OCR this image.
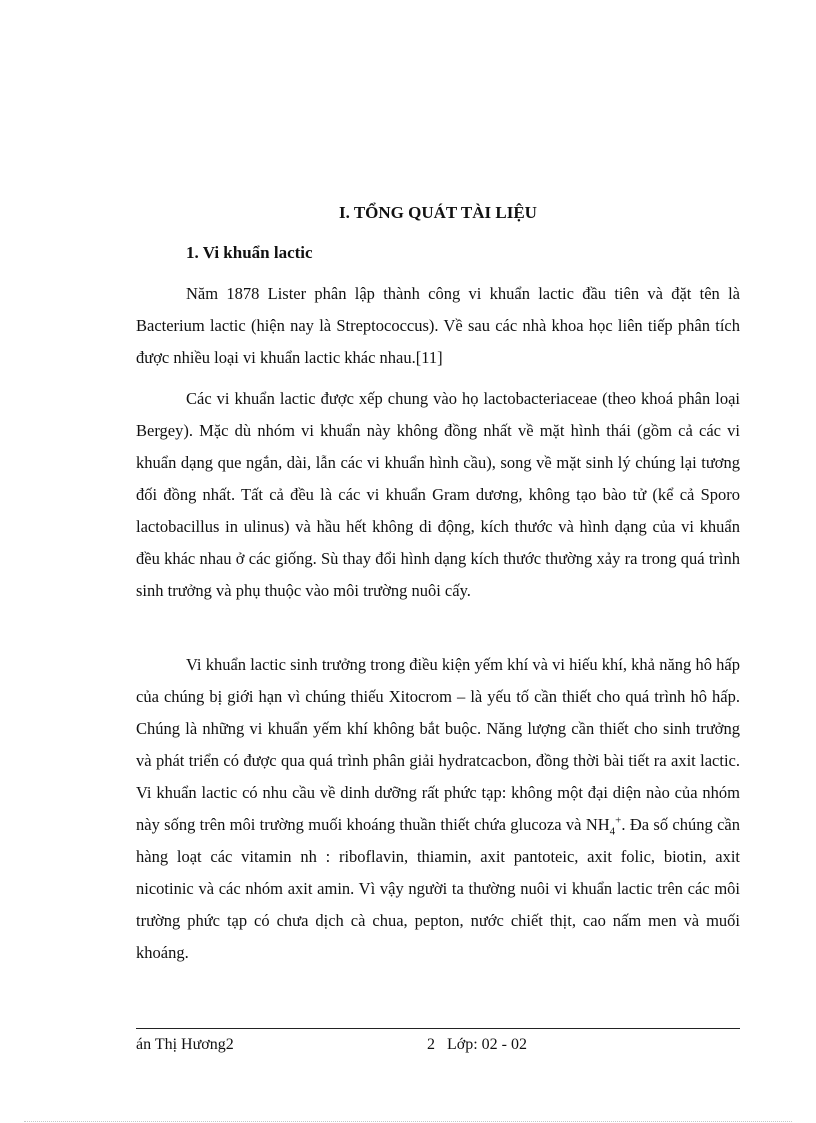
I. TỔNG QUÁT TÀI LIỆU
1. Vi khuẩn lactic

Năm 1878 Lister phân lập thành công vi khuẩn lactic đầu tiên và đặt tên là Bacterium lactic (hiện nay là Streptococcus). Về sau các nhà khoa học liên tiếp phân tích được nhiều loại vi khuẩn lactic khác nhau.[11]

Các vi khuẩn lactic được xếp chung vào họ lactobacteriaceae (theo khoá phân loại Bergey). Mặc dù nhóm vi khuẩn này không đồng nhất về mặt hình thái (gồm cả các vi khuẩn dạng que ngắn, dài, lẫn các vi khuẩn hình cầu), song về mặt sinh lý chúng lại tương đối đồng nhất. Tất cả đều là các vi khuẩn Gram dương, không tạo bào tử (kể cả Sporo lactobacillus in ulinus) và hầu hết không di động, kích thước và hình dạng của vi khuẩn đều khác nhau ở các giống. Sù thay đổi hình dạng kích thước thường xảy ra trong quá trình sinh trưởng và phụ thuộc vào môi trường nuôi cấy.

Vi khuẩn lactic sinh trưởng trong điều kiện yếm khí và vi hiếu khí, khả năng hô hấp của chúng bị giới hạn vì chúng thiếu Xitocrom – là yếu tố cần thiết cho quá trình hô hấp. Chúng là những vi khuẩn yếm khí không bắt buộc. Năng lượng cần thiết cho sinh trưởng và phát triển có được qua quá trình phân giải hydratcacbon, đồng thời bài tiết ra axit lactic. Vi khuẩn lactic có nhu cầu về dinh dưỡng rất phức tạp: không một đại diện nào của nhóm này sống trên môi trường muối khoáng thuần thiết chứa glucoza và $NH_4^+$. Đa số chúng cần hàng loạt các vitamin nh : riboflavin, thiamin, axit pantoteic, axit folic, biotin, axit nicotinic và các nhóm axit amin. Vì vậy người ta thường nuôi vi khuẩn lactic trên các môi trường phức tạp có chưa dịch cà chua, pepton, nước chiết thịt, cao nấm men và muối khoáng.

án Thị Hương2	2 Lớp: 02 - 02
